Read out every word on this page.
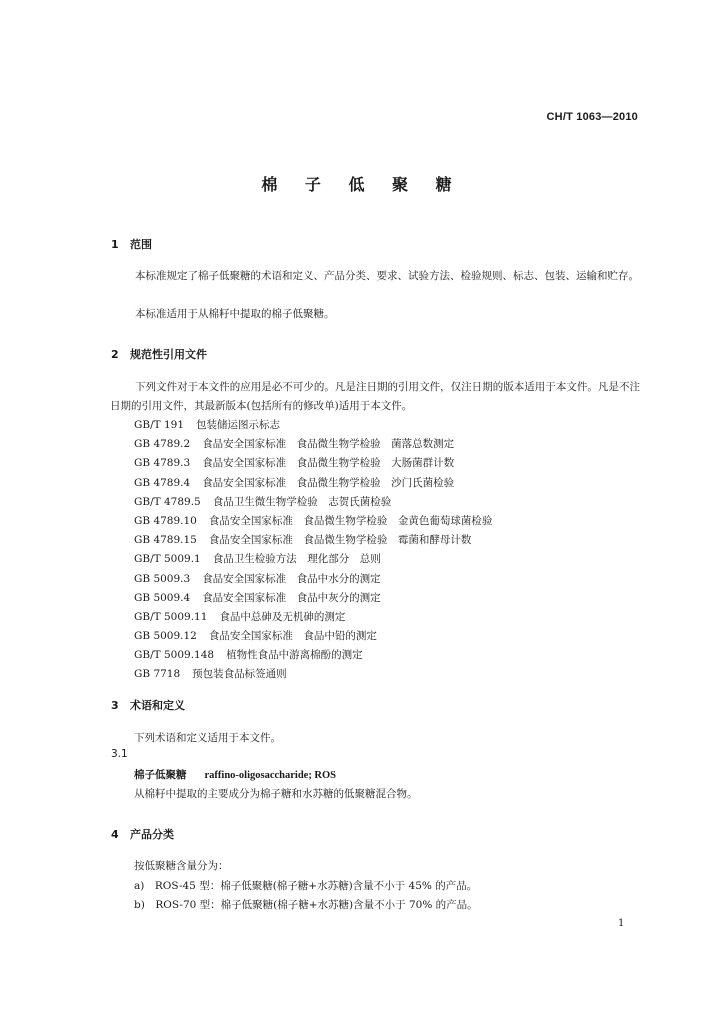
CH/T 1063—2010
棉 子 低 聚 糖
1 范围
本标准规定了棉子低聚糖的术语和定义、产品分类、要求、试验方法、检验规则、标志、包装、运输和贮存。
本标准适用于从棉籽中提取的棉子低聚糖。
2 规范性引用文件
下列文件对于本文件的应用是必不可少的。凡是注日期的引用文件，仅注日期的版本适用于本文件。凡是不注日期的引用文件，其最新版本(包括所有的修改单)适用于本文件。
GB/T 191 包装储运图示标志
GB 4789.2 食品安全国家标准　食品微生物学检验　菌落总数测定
GB 4789.3 食品安全国家标准　食品微生物学检验　大肠菌群计数
GB 4789.4 食品安全国家标准　食品微生物学检验　沙门氏菌检验
GB/T 4789.5 食品卫生微生物学检验　志贺氏菌检验
GB 4789.10 食品安全国家标准　食品微生物学检验　金黄色葡萄球菌检验
GB 4789.15 食品安全国家标准　食品微生物学检验　霉菌和酵母计数
GB/T 5009.1 食品卫生检验方法　理化部分　总则
GB 5009.3 食品安全国家标准　食品中水分的测定
GB 5009.4 食品安全国家标准　食品中灰分的测定
GB/T 5009.11 食品中总砷及无机砷的测定
GB 5009.12 食品安全国家标准　食品中铅的测定
GB/T 5009.148 植物性食品中游离棉酚的测定
GB 7718 预包装食品标签通则
3 术语和定义
下列术语和定义适用于本文件。
3.1
棉子低聚糖 raffino-oligosaccharide; ROS
从棉籽中提取的主要成分为棉子糖和水苏糖的低聚糖混合物。
4 产品分类
按低聚糖含量分为：
a)　ROS-45 型：棉子低聚糖(棉子糖+水苏糖)含量不小于 45% 的产品。
b)　ROS-70 型：棉子低聚糖(棉子糖+水苏糖)含量不小于 70% 的产品。
1
